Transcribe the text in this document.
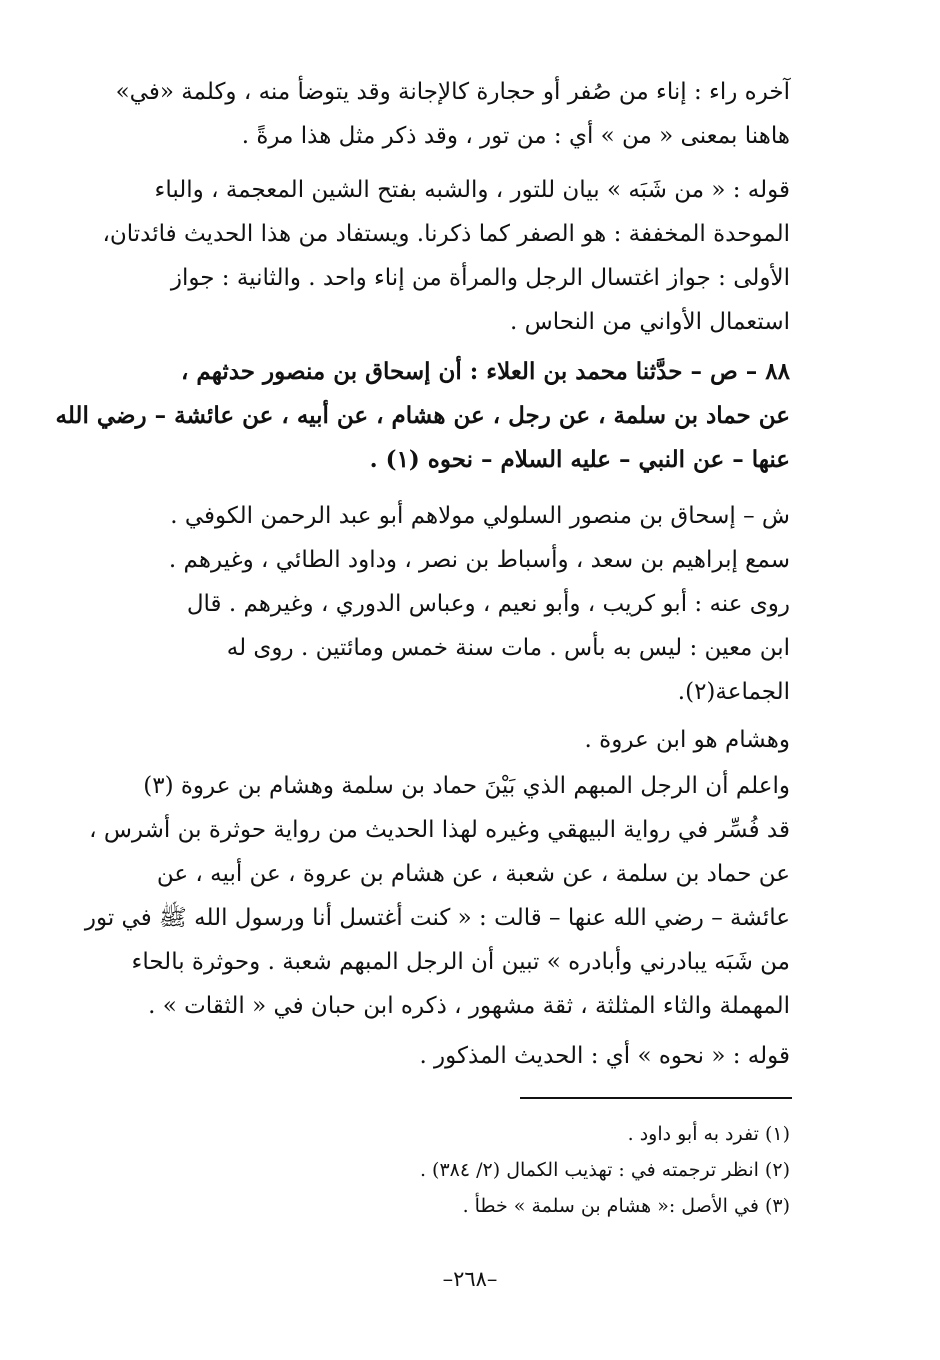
آخره راء : إناء من صُفر أو حجارة كالإجانة وقد يتوضأ منه ، وكلمة «في»
هاهنا بمعنى « من » أي : من تور ، وقد ذكر مثل هذا مرةً .
قوله : « من شَبَه » بيان للتور ، والشبه بفتح الشين المعجمة ، والباء
الموحدة المخففة : هو الصفر كما ذكرنا. ويستفاد من هذا الحديث فائدتان،
الأولى : جواز اغتسال الرجل والمرأة من إناء واحد . والثانية : جواز
استعمال الأواني من النحاس .
٨٨ – ص – حدَّثنا محمد بن العلاء : أن إسحاق بن منصور حدثهم ،
عن حماد بن سلمة ، عن رجل ، عن هشام ، عن أبيه ، عن عائشة – رضي الله
عنها – عن النبي – عليه السلام – نحوه (١) .
ش – إسحاق بن منصور السلولي مولاهم أبو عبد الرحمن الكوفي .
سمع إبراهيم بن سعد ، وأسباط بن نصر ، وداود الطائي ، وغيرهم .
روى عنه : أبو كريب ، وأبو نعيم ، وعباس الدوري ، وغيرهم . قال
ابن معين : ليس به بأس . مات سنة خمس ومائتين . روى له
الجماعة(٢).
وهشام هو ابن عروة .
واعلم أن الرجل المبهم الذي بَيْنَ حماد بن سلمة وهشام بن عروة (٣)
قد فُسِّر في رواية البيهقي وغيره لهذا الحديث من رواية حوثرة بن أشرس ،
عن حماد بن سلمة ، عن شعبة ، عن هشام بن عروة ، عن أبيه ، عن
عائشة – رضي الله عنها – قالت : « كنت أغتسل أنا ورسول الله ﷺ في تور
من شَبَه يبادرني وأبادره » تبين أن الرجل المبهم شعبة . وحوثرة بالحاء
المهملة والثاء المثلثة ، ثقة مشهور ، ذكره ابن حبان في « الثقات » .
قوله : « نحوه » أي : الحديث المذكور .
(١) تفرد به أبو داود .
(٢) انظر ترجمته في : تهذيب الكمال (٢/ ٣٨٤) .
(٣) في الأصل :« هشام بن سلمة » خطأ .
–٢٦٨–
